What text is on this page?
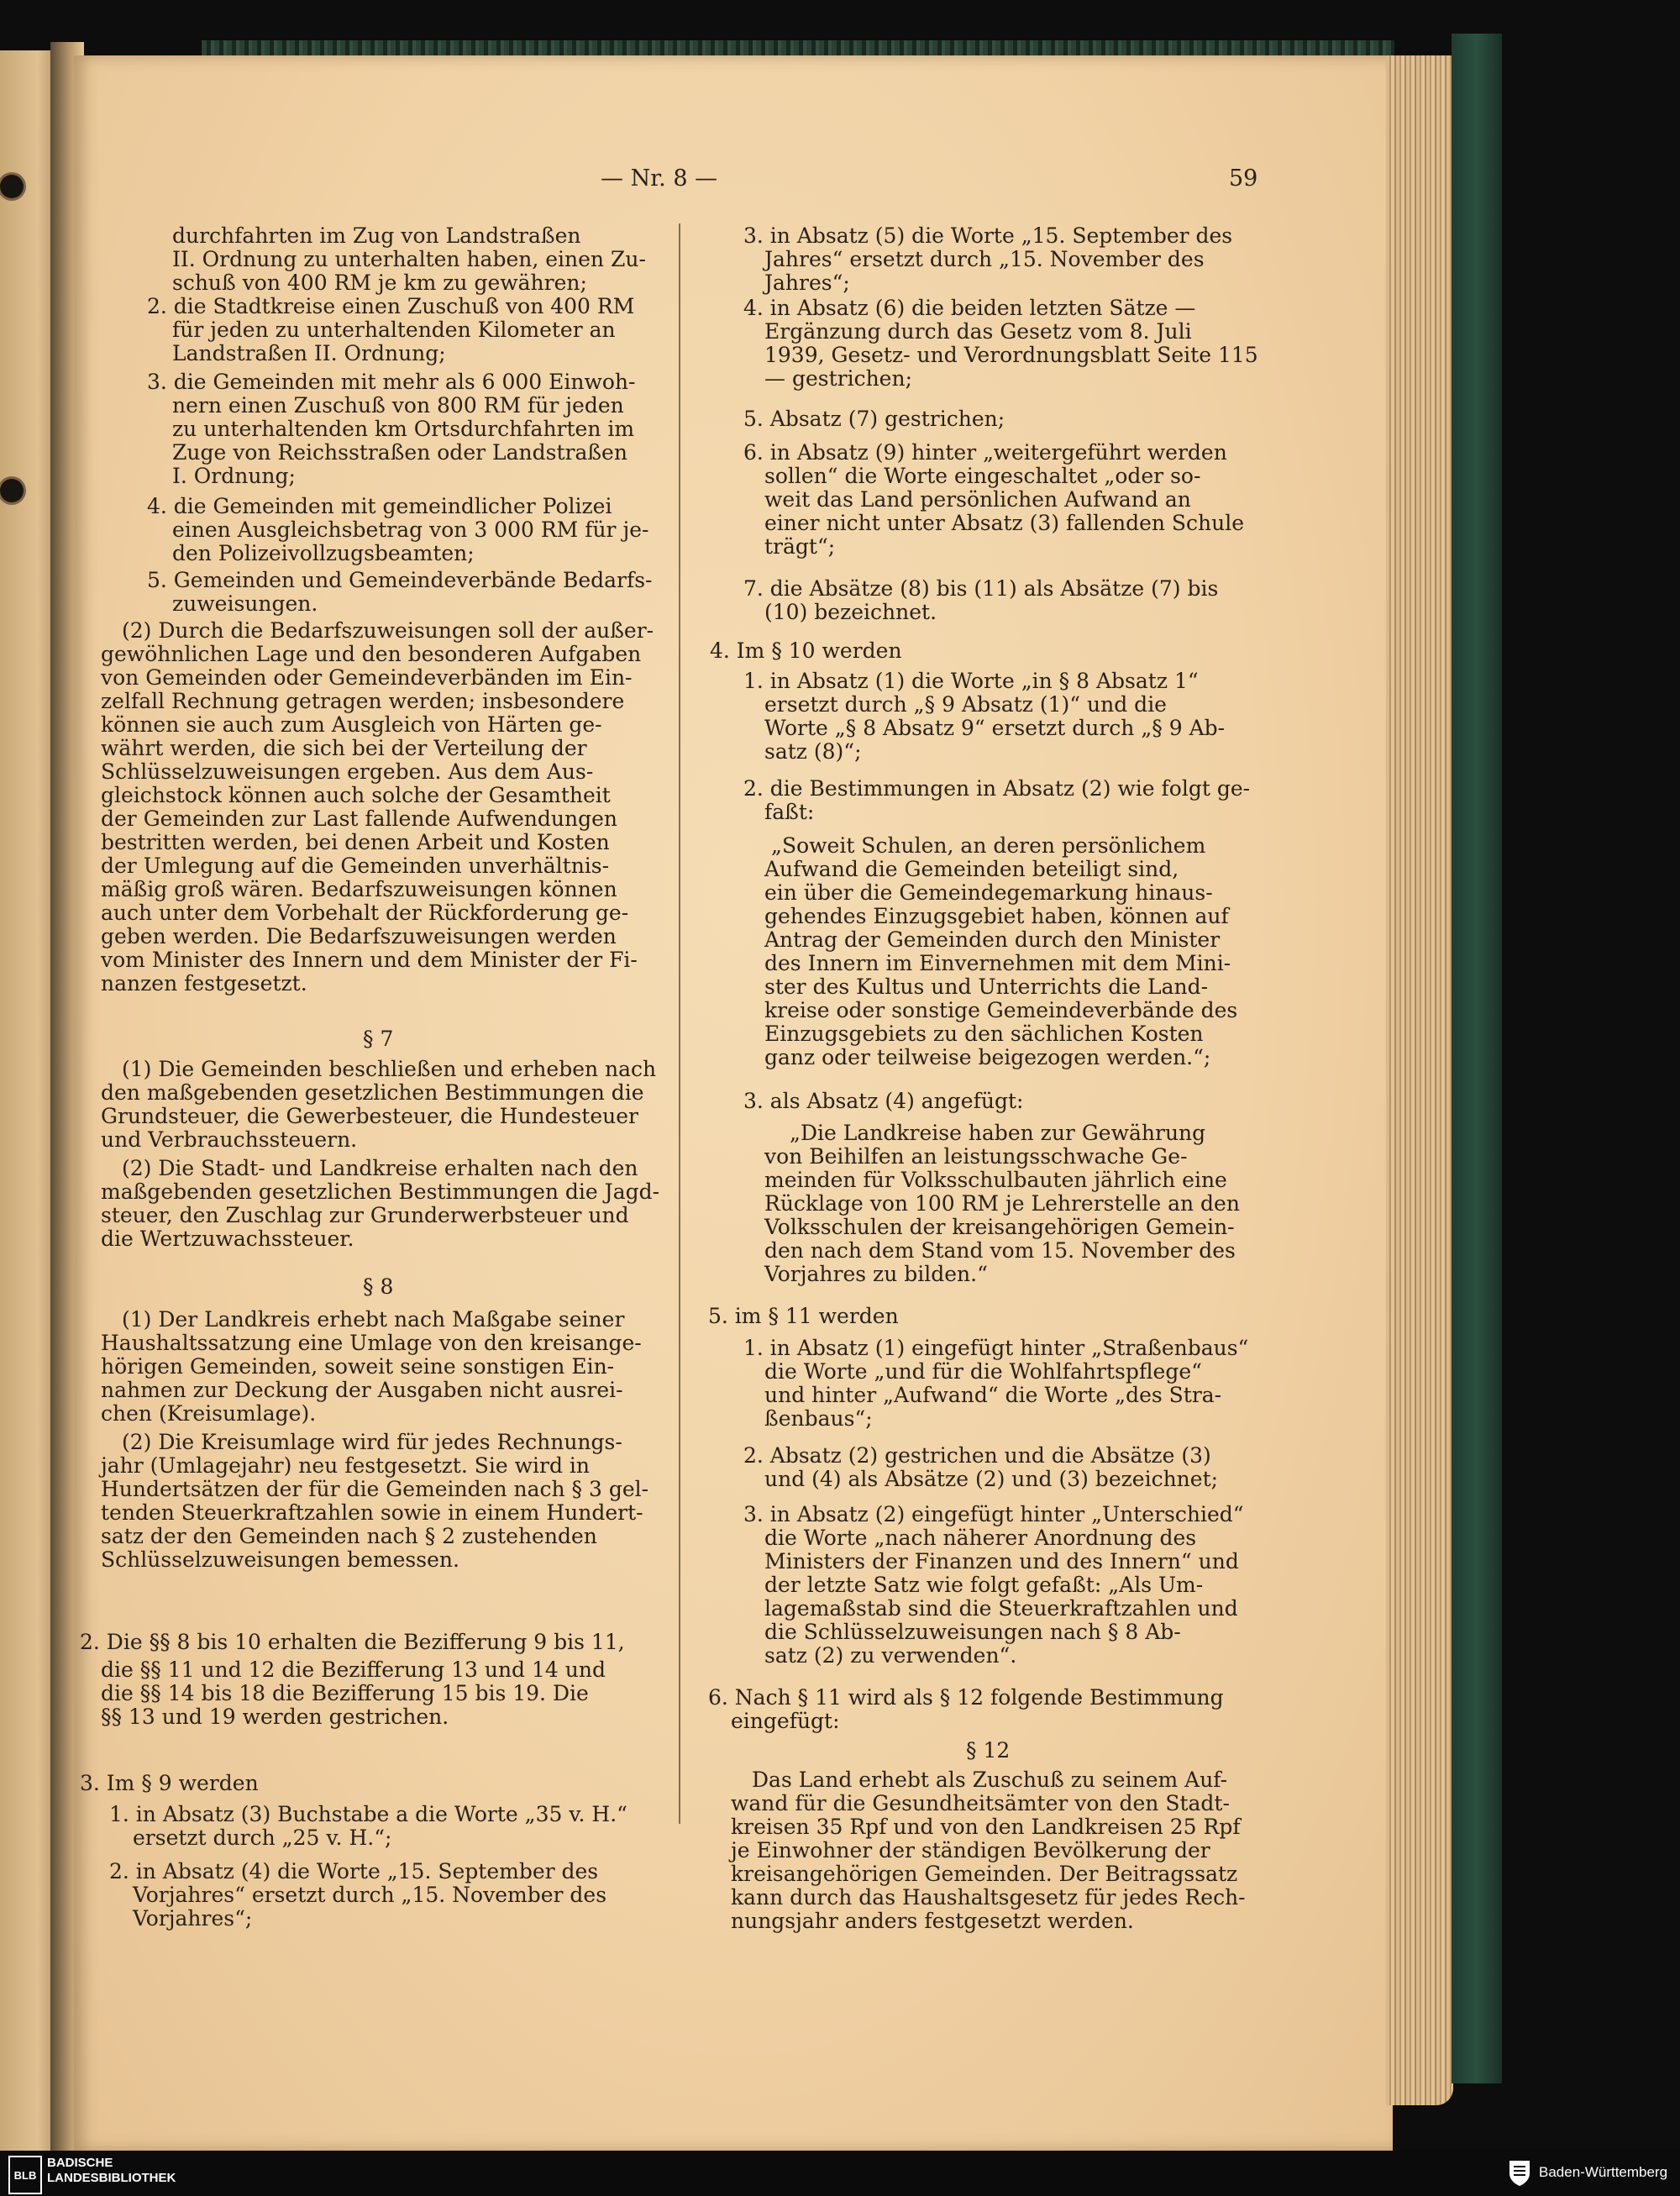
— Nr. 8 —	59
durchfahrten im Zug von Landstraßen
II. Ordnung zu unterhalten haben, einen Zu-
schuß von 400 RM je km zu gewähren;
2. die Stadtkreise einen Zuschuß von 400 RM
für jeden zu unterhaltenden Kilometer an
Landstraßen II. Ordnung;
3. die Gemeinden mit mehr als 6 000 Einwoh-
nern einen Zuschuß von 800 RM für jeden
zu unterhaltenden km Ortsdurchfahrten im
Zuge von Reichsstraßen oder Landstraßen
I. Ordnung;
4. die Gemeinden mit gemeindlicher Polizei
einen Ausgleichsbetrag von 3 000 RM für je-
den Polizeivollzugsbeamten;
5. Gemeinden und Gemeindeverbände Bedarfs-
zuweisungen.
(2) Durch die Bedarfszuweisungen soll der außer-
gewöhnlichen Lage und den besonderen Aufgaben
von Gemeinden oder Gemeindeverbänden im Ein-
zelfall Rechnung getragen werden; insbesondere
können sie auch zum Ausgleich von Härten ge-
währt werden, die sich bei der Verteilung der
Schlüsselzuweisungen ergeben. Aus dem Aus-
gleichstock können auch solche der Gesamtheit
der Gemeinden zur Last fallende Aufwendungen
bestritten werden, bei denen Arbeit und Kosten
der Umlegung auf die Gemeinden unverhältnis-
mäßig groß wären. Bedarfszuweisungen können
auch unter dem Vorbehalt der Rückforderung ge-
geben werden. Die Bedarfszuweisungen werden
vom Minister des Innern und dem Minister der Fi-
nanzen festgesetzt.
§ 7
(1) Die Gemeinden beschließen und erheben nach
den maßgebenden gesetzlichen Bestimmungen die
Grundsteuer, die Gewerbesteuer, die Hundesteuer
und Verbrauchssteuern.
(2) Die Stadt- und Landkreise erhalten nach den
maßgebenden gesetzlichen Bestimmungen die Jagd-
steuer, den Zuschlag zur Grunderwerbsteuer und
die Wertzuwachssteuer.
§ 8
(1) Der Landkreis erhebt nach Maßgabe seiner
Haushaltssatzung eine Umlage von den kreisange-
hörigen Gemeinden, soweit seine sonstigen Ein-
nahmen zur Deckung der Ausgaben nicht ausrei-
chen (Kreisumlage).
(2) Die Kreisumlage wird für jedes Rechnungs-
jahr (Umlagejahr) neu festgesetzt. Sie wird in
Hundertsätzen der für die Gemeinden nach § 3 gel-
tenden Steuerkraftzahlen sowie in einem Hundert-
satz der den Gemeinden nach § 2 zustehenden
Schlüsselzuweisungen bemessen.
2. Die §§ 8 bis 10 erhalten die Bezifferung 9 bis 11,
die §§ 11 und 12 die Bezifferung 13 und 14 und
die §§ 14 bis 18 die Bezifferung 15 bis 19. Die
§§ 13 und 19 werden gestrichen.
3. Im § 9 werden
1. in Absatz (3) Buchstabe a die Worte „35 v. H.“
ersetzt durch „25 v. H.“;
2. in Absatz (4) die Worte „15. September des
Vorjahres“ ersetzt durch „15. November des
Vorjahres“;
3. in Absatz (5) die Worte „15. September des
Jahres“ ersetzt durch „15. November des
Jahres“;
4. in Absatz (6) die beiden letzten Sätze —
Ergänzung durch das Gesetz vom 8. Juli
1939, Gesetz- und Verordnungsblatt Seite 115
— gestrichen;
5. Absatz (7) gestrichen;
6. in Absatz (9) hinter „weitergeführt werden
sollen“ die Worte eingeschaltet „oder so-
weit das Land persönlichen Aufwand an
einer nicht unter Absatz (3) fallenden Schule
trägt“;
7. die Absätze (8) bis (11) als Absätze (7) bis
(10) bezeichnet.
4. Im § 10 werden
1. in Absatz (1) die Worte „in § 8 Absatz 1“
ersetzt durch „§ 9 Absatz (1)“ und die
Worte „§ 8 Absatz 9“ ersetzt durch „§ 9 Ab-
satz (8)“;
2. die Bestimmungen in Absatz (2) wie folgt ge-
faßt:
„Soweit Schulen, an deren persönlichem
Aufwand die Gemeinden beteiligt sind,
ein über die Gemeindegemarkung hinaus-
gehendes Einzugsgebiet haben, können auf
Antrag der Gemeinden durch den Minister
des Innern im Einvernehmen mit dem Mini-
ster des Kultus und Unterrichts die Land-
kreise oder sonstige Gemeindeverbände des
Einzugsgebiets zu den sächlichen Kosten
ganz oder teilweise beigezogen werden.“;
3. als Absatz (4) angefügt:
„Die Landkreise haben zur Gewährung
von Beihilfen an leistungsschwache Ge-
meinden für Volksschulbauten jährlich eine
Rücklage von 100 RM je Lehrerstelle an den
Volksschulen der kreisangehörigen Gemein-
den nach dem Stand vom 15. November des
Vorjahres zu bilden.“
5. im § 11 werden
1. in Absatz (1) eingefügt hinter „Straßenbaus“
die Worte „und für die Wohlfahrtspflege“
und hinter „Aufwand“ die Worte „des Stra-
ßenbaus“;
2. Absatz (2) gestrichen und die Absätze (3)
und (4) als Absätze (2) und (3) bezeichnet;
3. in Absatz (2) eingefügt hinter „Unterschied“
die Worte „nach näherer Anordnung des
Ministers der Finanzen und des Innern“ und
der letzte Satz wie folgt gefaßt: „Als Um-
lagemaßstab sind die Steuerkraftzahlen und
die Schlüsselzuweisungen nach § 8 Ab-
satz (2) zu verwenden“.
6. Nach § 11 wird als § 12 folgende Bestimmung
eingefügt:
§ 12
Das Land erhebt als Zuschuß zu seinem Auf-
wand für die Gesundheitsämter von den Stadt-
kreisen 35 Rpf und von den Landkreisen 25 Rpf
je Einwohner der ständigen Bevölkerung der
kreisangehörigen Gemeinden. Der Beitragssatz
kann durch das Haushaltsgesetz für jedes Rech-
nungsjahr anders festgesetzt werden.
BLB
BADISCHE
LANDESBIBLIOTHEK	Baden-Württemberg
